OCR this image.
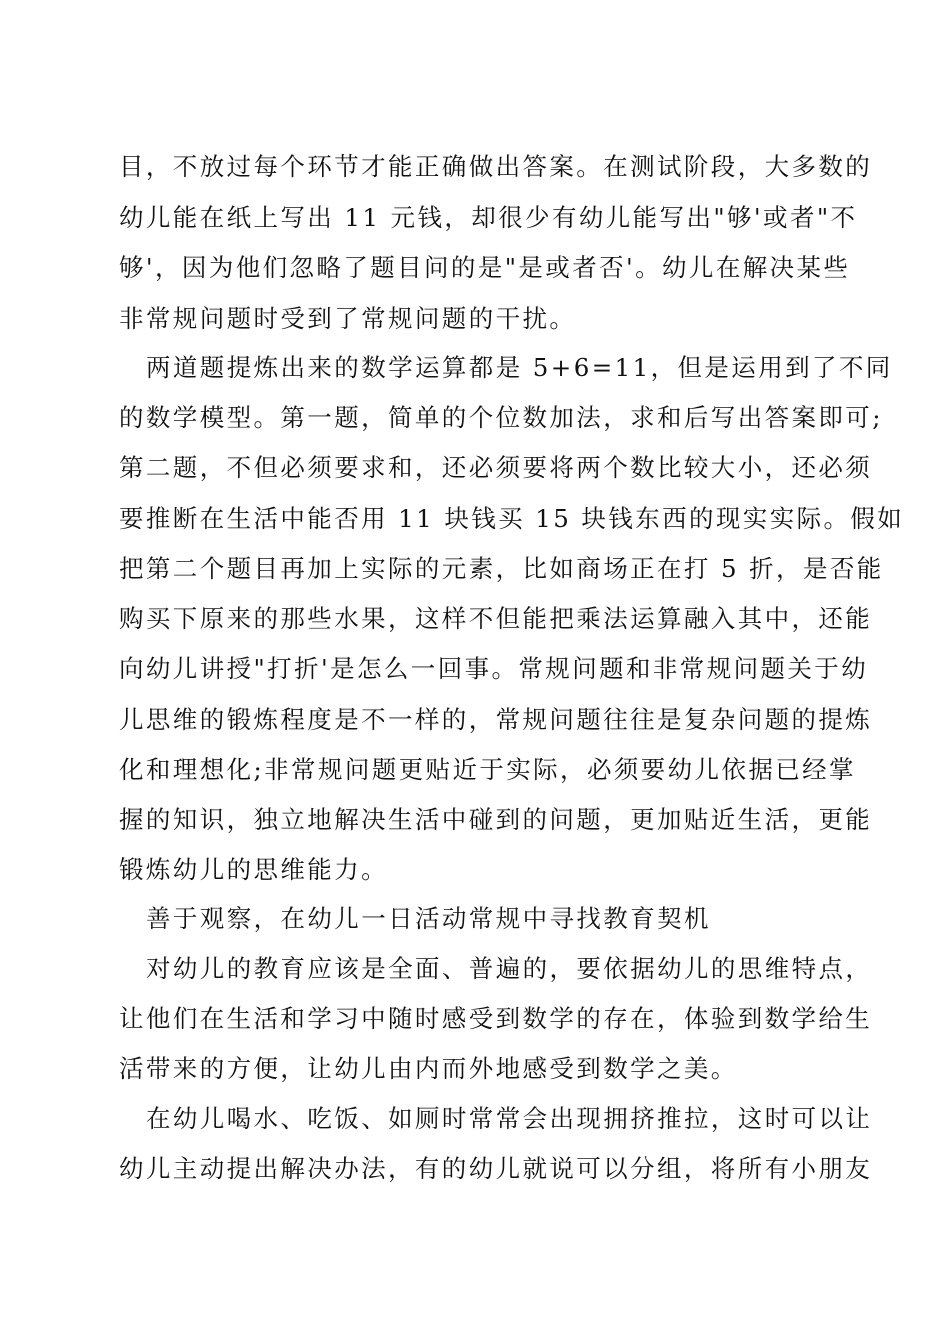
目，不放过每个环节才能正确做出答案。在测试阶段，大多数的
幼儿能在纸上写出 11 元钱，却很少有幼儿能写出"够'或者"不
够'，因为他们忽略了题目问的是"是或者否'。幼儿在解决某些
非常规问题时受到了常规问题的干扰。
两道题提炼出来的数学运算都是 5+6=11，但是运用到了不同
的数学模型。第一题，简单的个位数加法，求和后写出答案即可;
第二题，不但必须要求和，还必须要将两个数比较大小，还必须
要推断在生活中能否用 11 块钱买 15 块钱东西的现实实际。假如
把第二个题目再加上实际的元素，比如商场正在打 5 折，是否能
购买下原来的那些水果，这样不但能把乘法运算融入其中，还能
向幼儿讲授"打折'是怎么一回事。常规问题和非常规问题关于幼
儿思维的锻炼程度是不一样的，常规问题往往是复杂问题的提炼
化和理想化;非常规问题更贴近于实际，必须要幼儿依据已经掌
握的知识，独立地解决生活中碰到的问题，更加贴近生活，更能
锻炼幼儿的思维能力。
善于观察，在幼儿一日活动常规中寻找教育契机
对幼儿的教育应该是全面、普遍的，要依据幼儿的思维特点，
让他们在生活和学习中随时感受到数学的存在，体验到数学给生
活带来的方便，让幼儿由内而外地感受到数学之美。
在幼儿喝水、吃饭、如厕时常常会出现拥挤推拉，这时可以让
幼儿主动提出解决办法，有的幼儿就说可以分组，将所有小朋友
